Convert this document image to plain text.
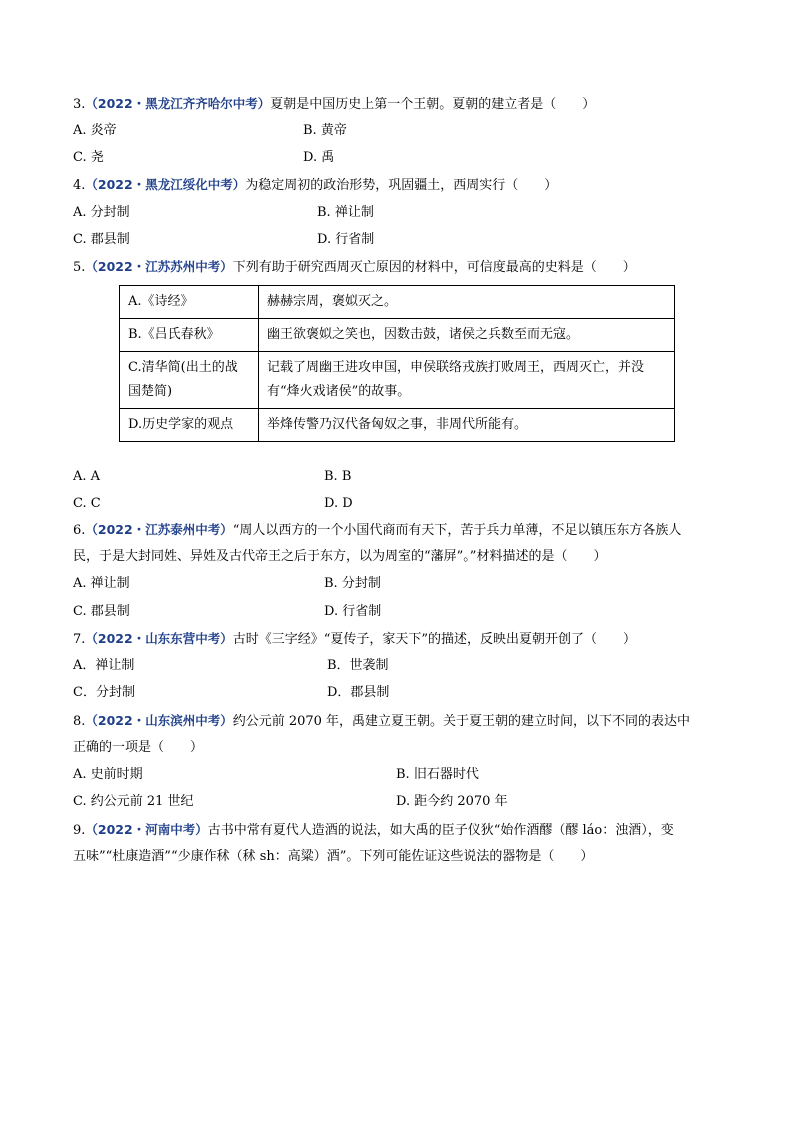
3.（2022・黑龙江齐齐哈尔中考）夏朝是中国历史上第一个王朝。夏朝的建立者是（　　）
A. 炎帝	B. 黄帝
C. 尧	D. 禹
4.（2022・黑龙江绥化中考）为稳定周初的政治形势，巩固疆土，西周实行（　　）
A. 分封制	B. 禅让制
C. 郡县制	D. 行省制
5.（2022・江苏苏州中考）下列有助于研究西周灭亡原因的材料中，可信度最高的史料是（　　）
A.《诗经》	赫赫宗周，褒姒灭之。
B.《吕氏春秋》	幽王欲褒姒之笑也，因数击鼓，诸侯之兵数至而无寇。
C.清华简(出土的战国楚简)	记载了周幽王进攻申国，申侯联络戎族打败周王，西周灭亡，并没有“烽火戏诸侯”的故事。
D.历史学家的观点	举烽传警乃汉代备匈奴之事，非周代所能有。
A. A	B. B
C. C	D. D
6.（2022・江苏泰州中考）“周人以西方的一个小国代商而有天下，苦于兵力单薄，不足以镇压东方各族人
民，于是大封同姓、异姓及古代帝王之后于东方，以为周室的“藩屏”。”材料描述的是（　　）
A. 禅让制	B. 分封制
C. 郡县制	D. 行省制
7.（2022・山东东营中考）古时《三字经》“夏传子，家天下”的描述，反映出夏朝开创了（　　）
A．禅让制	B．世袭制
C．分封制	D．郡县制
8.（2022・山东滨州中考）约公元前 2070 年，禹建立夏王朝。关于夏王朝的建立时间，以下不同的表达中
正确的一项是（　　）
A. 史前时期	B. 旧石器时代
C. 约公元前 21 世纪	D. 距今约 2070 年
9.（2022・河南中考）古书中常有夏代人造酒的说法，如大禹的臣子仪狄“始作酒醪（醪 láo：浊酒），变
五味”“杜康造酒”“少康作秫（秫 sh：高粱）酒”。下列可能佐证这些说法的器物是（　　）
